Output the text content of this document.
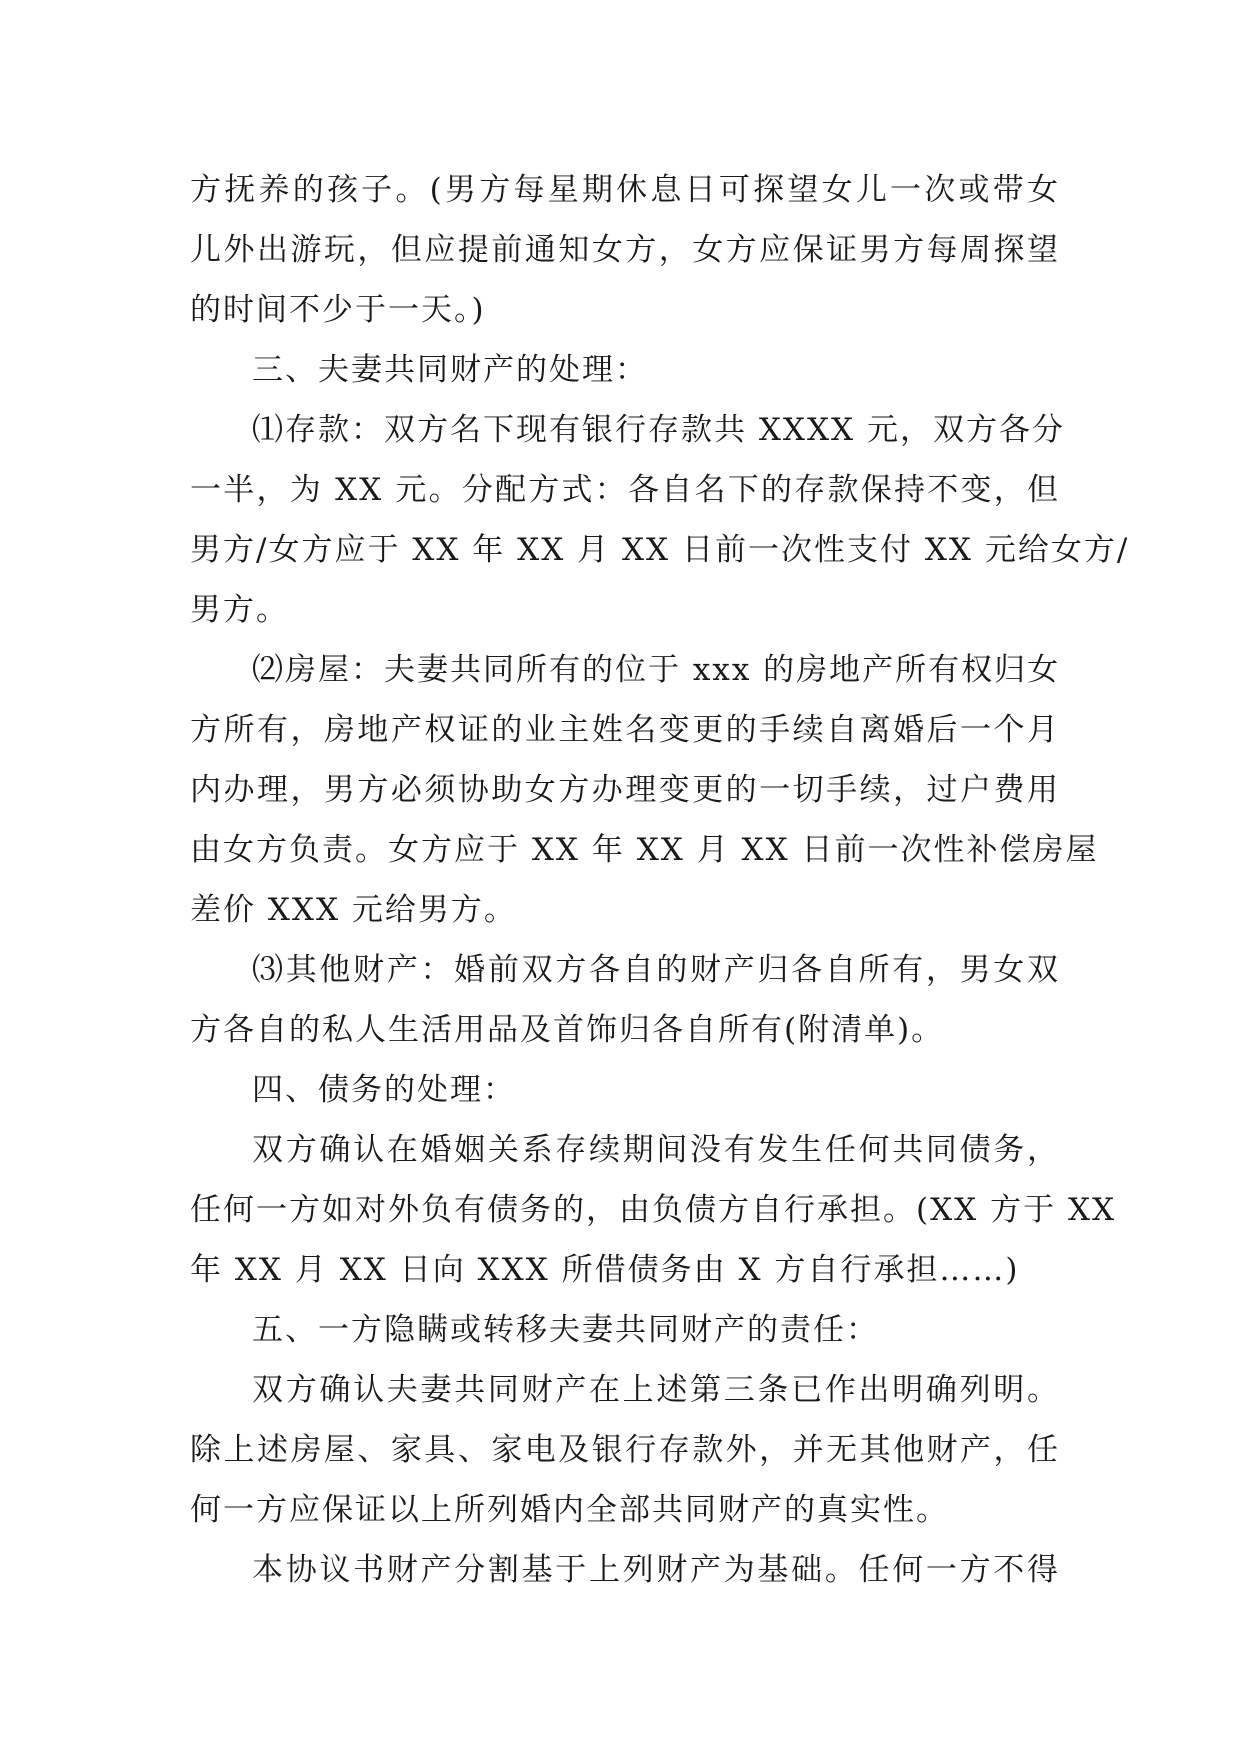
方抚养的孩子。(男方每星期休息日可探望女儿一次或带女
儿外出游玩，但应提前通知女方，女方应保证男方每周探望
的时间不少于一天。)
三、夫妻共同财产的处理：
⑴存款：双方名下现有银行存款共 XXXX 元，双方各分
一半，为 XX 元。分配方式：各自名下的存款保持不变，但
男方/女方应于 XX 年 XX 月 XX 日前一次性支付 XX 元给女方/
男方。
⑵房屋：夫妻共同所有的位于 xxx 的房地产所有权归女
方所有，房地产权证的业主姓名变更的手续自离婚后一个月
内办理，男方必须协助女方办理变更的一切手续，过户费用
由女方负责。女方应于 XX 年 XX 月 XX 日前一次性补偿房屋
差价 XXX 元给男方。
⑶其他财产：婚前双方各自的财产归各自所有，男女双
方各自的私人生活用品及首饰归各自所有(附清单)。
四、债务的处理：
双方确认在婚姻关系存续期间没有发生任何共同债务，
任何一方如对外负有债务的，由负债方自行承担。(XX 方于 XX
年 XX 月 XX 日向 XXX 所借债务由 X 方自行承担……)
五、一方隐瞒或转移夫妻共同财产的责任：
双方确认夫妻共同财产在上述第三条已作出明确列明。
除上述房屋、家具、家电及银行存款外，并无其他财产，任
何一方应保证以上所列婚内全部共同财产的真实性。
本协议书财产分割基于上列财产为基础。任何一方不得
